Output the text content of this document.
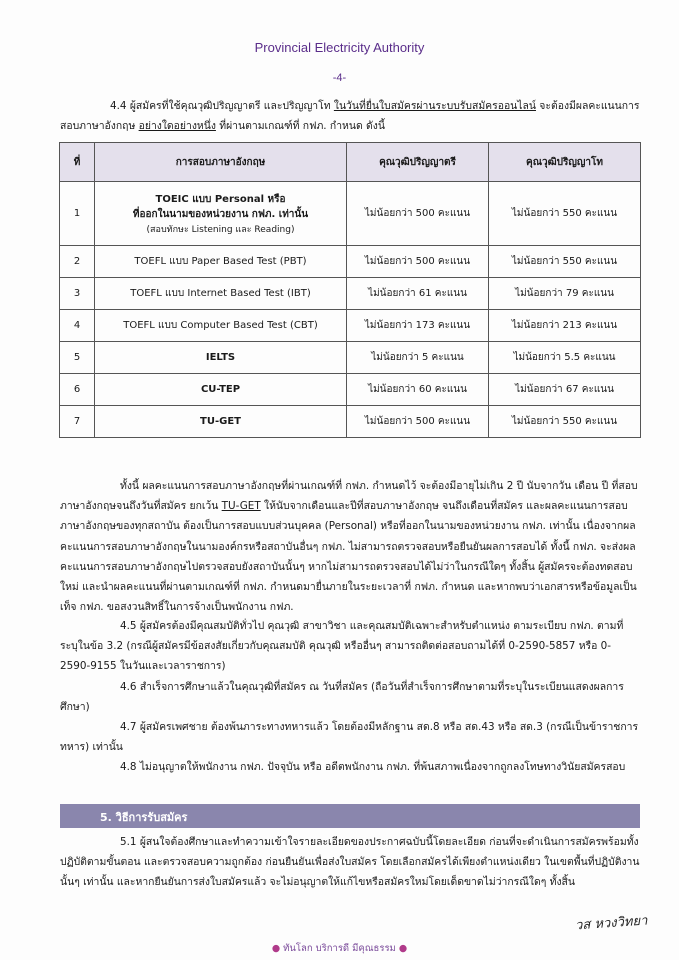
Provincial Electricity Authority
-4-
4.4 ผู้สมัครที่ใช้คุณวุฒิปริญญาตรี และปริญญาโท ในวันที่ยื่นใบสมัครผ่านระบบรับสมัครออนไลน์ จะต้องมีผลคะแนนการสอบภาษาอังกฤษ อย่างใดอย่างหนึ่ง ที่ผ่านตามเกณฑ์ที่ กฟภ. กำหนด ดังนี้
ที่	การสอบภาษาอังกฤษ	คุณวุฒิปริญญาตรี	คุณวุฒิปริญญาโท
1	TOEIC แบบ Personal หรือ
ที่ออกในนามของหน่วยงาน กฟภ. เท่านั้น
(สอบทักษะ Listening และ Reading)	ไม่น้อยกว่า 500 คะแนน	ไม่น้อยกว่า 550 คะแนน
2	TOEFL แบบ Paper Based Test (PBT)	ไม่น้อยกว่า 500 คะแนน	ไม่น้อยกว่า 550 คะแนน
3	TOEFL แบบ Internet Based Test (IBT)	ไม่น้อยกว่า 61 คะแนน	ไม่น้อยกว่า 79 คะแนน
4	TOEFL แบบ Computer Based Test (CBT)	ไม่น้อยกว่า 173 คะแนน	ไม่น้อยกว่า 213 คะแนน
5	IELTS	ไม่น้อยกว่า 5 คะแนน	ไม่น้อยกว่า 5.5 คะแนน
6	CU-TEP	ไม่น้อยกว่า 60 คะแนน	ไม่น้อยกว่า 67 คะแนน
7	TU-GET	ไม่น้อยกว่า 500 คะแนน	ไม่น้อยกว่า 550 คะแนน
ทั้งนี้ ผลคะแนนการสอบภาษาอังกฤษที่ผ่านเกณฑ์ที่ กฟภ. กำหนดไว้ จะต้องมีอายุไม่เกิน 2 ปี นับจากวัน เดือน ปี ที่สอบภาษาอังกฤษจนถึงวันที่สมัคร ยกเว้น TU-GET ให้นับจากเดือนและปีที่สอบภาษาอังกฤษ จนถึงเดือนที่สมัคร และผลคะแนนการสอบภาษาอังกฤษของทุกสถาบัน ต้องเป็นการสอบแบบส่วนบุคคล (Personal) หรือที่ออกในนามของหน่วยงาน กฟภ. เท่านั้น เนื่องจากผลคะแนนการสอบภาษาอังกฤษในนามองค์กรหรือสถาบันอื่นๆ กฟภ. ไม่สามารถตรวจสอบหรือยืนยันผลการสอบได้ ทั้งนี้ กฟภ. จะส่งผลคะแนนการสอบภาษาอังกฤษไปตรวจสอบยังสถาบันนั้นๆ หากไม่สามารถตรวจสอบได้ไม่ว่าในกรณีใดๆ ทั้งสิ้น ผู้สมัครจะต้องทดสอบใหม่ และนำผลคะแนนที่ผ่านตามเกณฑ์ที่ กฟภ. กำหนดมายื่นภายในระยะเวลาที่ กฟภ. กำหนด และหากพบว่าเอกสารหรือข้อมูลเป็นเท็จ กฟภ. ขอสงวนสิทธิ์ในการจ้างเป็นพนักงาน กฟภ.
4.5 ผู้สมัครต้องมีคุณสมบัติทั่วไป คุณวุฒิ สาขาวิชา และคุณสมบัติเฉพาะสำหรับตำแหน่ง ตามระเบียบ กฟภ. ตามที่ระบุในข้อ 3.2 (กรณีผู้สมัครมีข้อสงสัยเกี่ยวกับคุณสมบัติ คุณวุฒิ หรืออื่นๆ สามารถติดต่อสอบถามได้ที่ 0-2590-5857 หรือ 0-2590-9155 ในวันและเวลาราชการ)
4.6 สำเร็จการศึกษาแล้วในคุณวุฒิที่สมัคร ณ วันที่สมัคร (ถือวันที่สำเร็จการศึกษาตามที่ระบุในระเบียนแสดงผลการศึกษา)
4.7 ผู้สมัครเพศชาย ต้องพ้นภาระทางทหารแล้ว โดยต้องมีหลักฐาน สด.8 หรือ สด.43 หรือ สด.3 (กรณีเป็นข้าราชการทหาร) เท่านั้น
4.8 ไม่อนุญาตให้พนักงาน กฟภ. ปัจจุบัน หรือ อดีตพนักงาน กฟภ. ที่พ้นสภาพเนื่องจากถูกลงโทษทางวินัยสมัครสอบ
5. วิธีการรับสมัคร
5.1 ผู้สนใจต้องศึกษาและทำความเข้าใจรายละเอียดของประกาศฉบับนี้โดยละเอียด ก่อนที่จะดำเนินการสมัครพร้อมทั้งปฏิบัติตามขั้นตอน และตรวจสอบความถูกต้อง ก่อนยืนยันเพื่อส่งใบสมัคร โดยเลือกสมัครได้เพียงตำแหน่งเดียว ในเขตพื้นที่ปฏิบัติงานนั้นๆ เท่านั้น และหากยืนยันการส่งใบสมัครแล้ว จะไม่อนุญาตให้แก้ไขหรือสมัครใหม่โดยเด็ดขาดไม่ว่ากรณีใดๆ ทั้งสิ้น
วส หวงวิทยา
● ทันโลก บริการดี มีคุณธรรม ●
